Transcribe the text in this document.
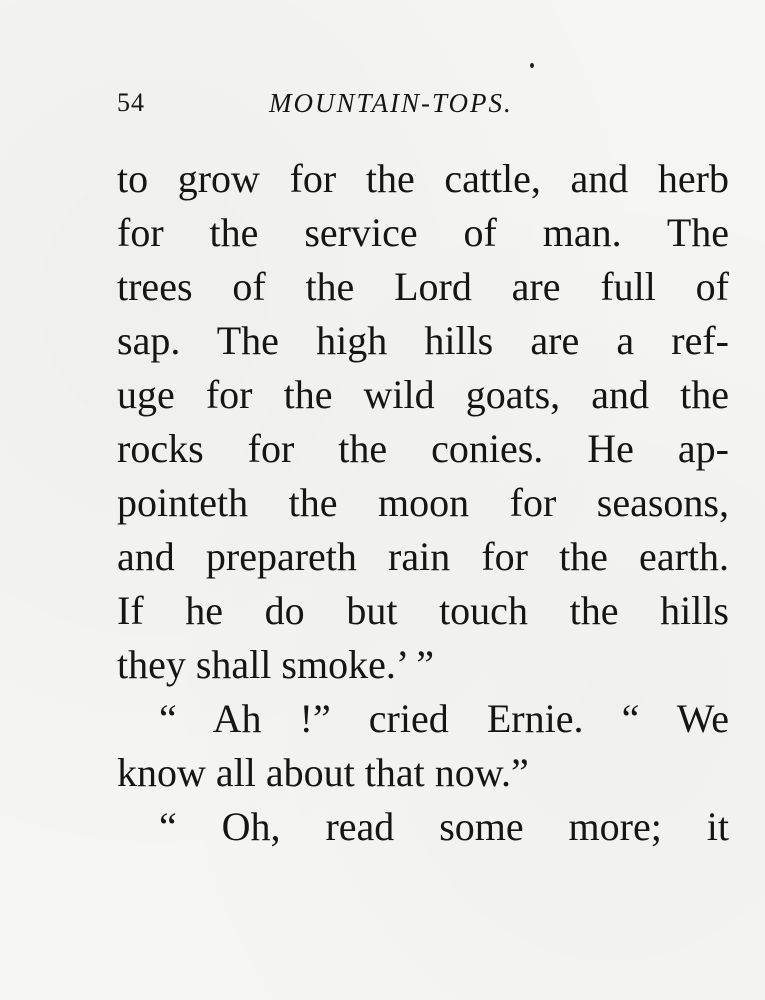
54	MOUNTAIN-TOPS.
to grow for the cattle, and herb
for the service of man. The
trees of the Lord are full of
sap. The high hills are a ref-
uge for the wild goats, and the
rocks for the conies. He ap-
pointeth the moon for seasons,
and prepareth rain for the earth.
If he do but touch the hills
they shall smoke.’ ”
“ Ah !” cried Ernie. “ We
know all about that now.”
“ Oh, read some more; it
